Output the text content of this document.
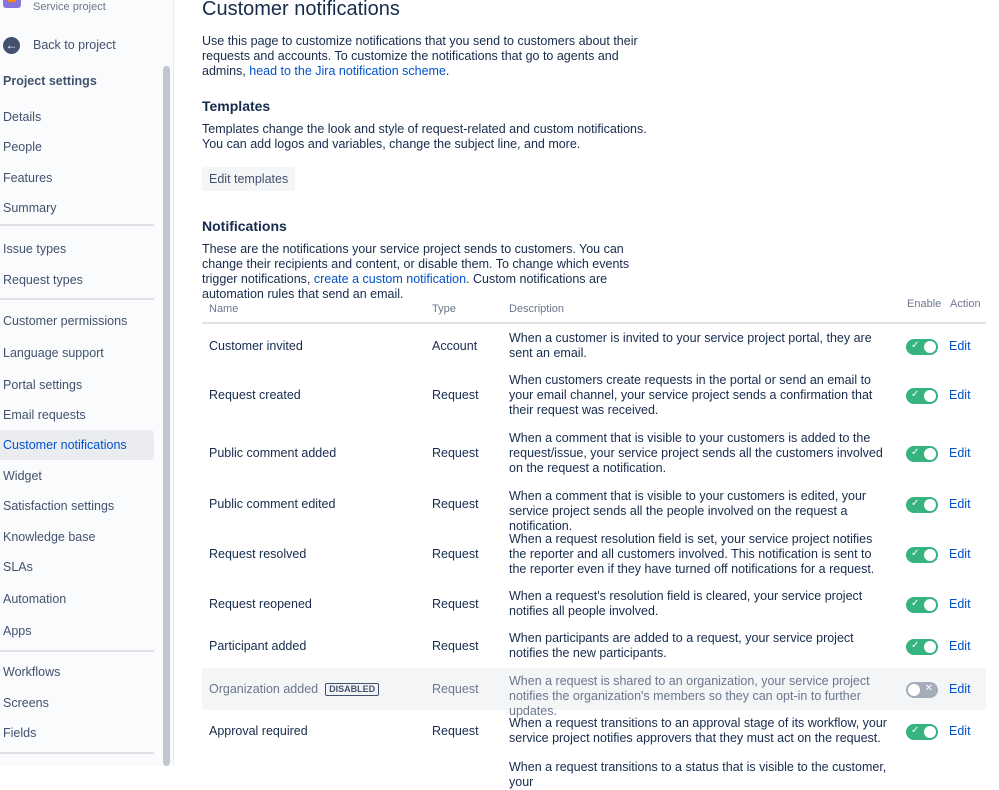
Service project
← Back to project
Project settings
Details
People
Features
Summary
Issue types
Request types
Customer permissions
Language support
Portal settings
Email requests
Customer notifications
Widget
Satisfaction settings
Knowledge base
SLAs
Automation
Apps
Workflows
Screens
Fields
Customer notifications
Use this page to customize notifications that you send to customers about their requests and accounts. To customize the notifications that go to agents and admins, head to the Jira notification scheme.
Templates
Templates change the look and style of request-related and custom notifications. You can add logos and variables, change the subject line, and more.
Edit templates
Notifications
These are the notifications your service project sends to customers. You can change their recipients and content, or disable them. To change which events trigger notifications, create a custom notification. Custom notifications are automation rules that send an email.
Name	Type	Description	Enable Action
Customer invited	Account
When a customer is invited to your service project portal, they are sent an email.
✓ Edit
Request created	Request
When customers create requests in the portal or send an email to your email channel, your service project sends a confirmation that their request was received.
✓ Edit
Public comment added	Request
When a comment that is visible to your customers is added to the request/issue, your service project sends all the customers involved on the request a notification.
✓ Edit
Public comment edited	Request
When a comment that is visible to your customers is edited, your service project sends all the people involved on the request a notification.
✓ Edit
Request resolved	Request
When a request resolution field is set, your service project notifies the reporter and all customers involved. This notification is sent to the reporter even if they have turned off notifications for a request.
✓ Edit
Request reopened	Request
When a request's resolution field is cleared, your service project notifies all people involved.
✓ Edit
Participant added	Request
When participants are added to a request, your service project notifies the new participants.
✓ Edit
Organization added DISABLED	Request
When a request is shared to an organization, your service project notifies the organization's members so they can opt-in to further updates.
✕ Edit
Approval required	Request
When a request transitions to an approval stage of its workflow, your service project notifies approvers that they must act on the request.
✓ Edit
When a request transitions to a status that is visible to the customer, your
